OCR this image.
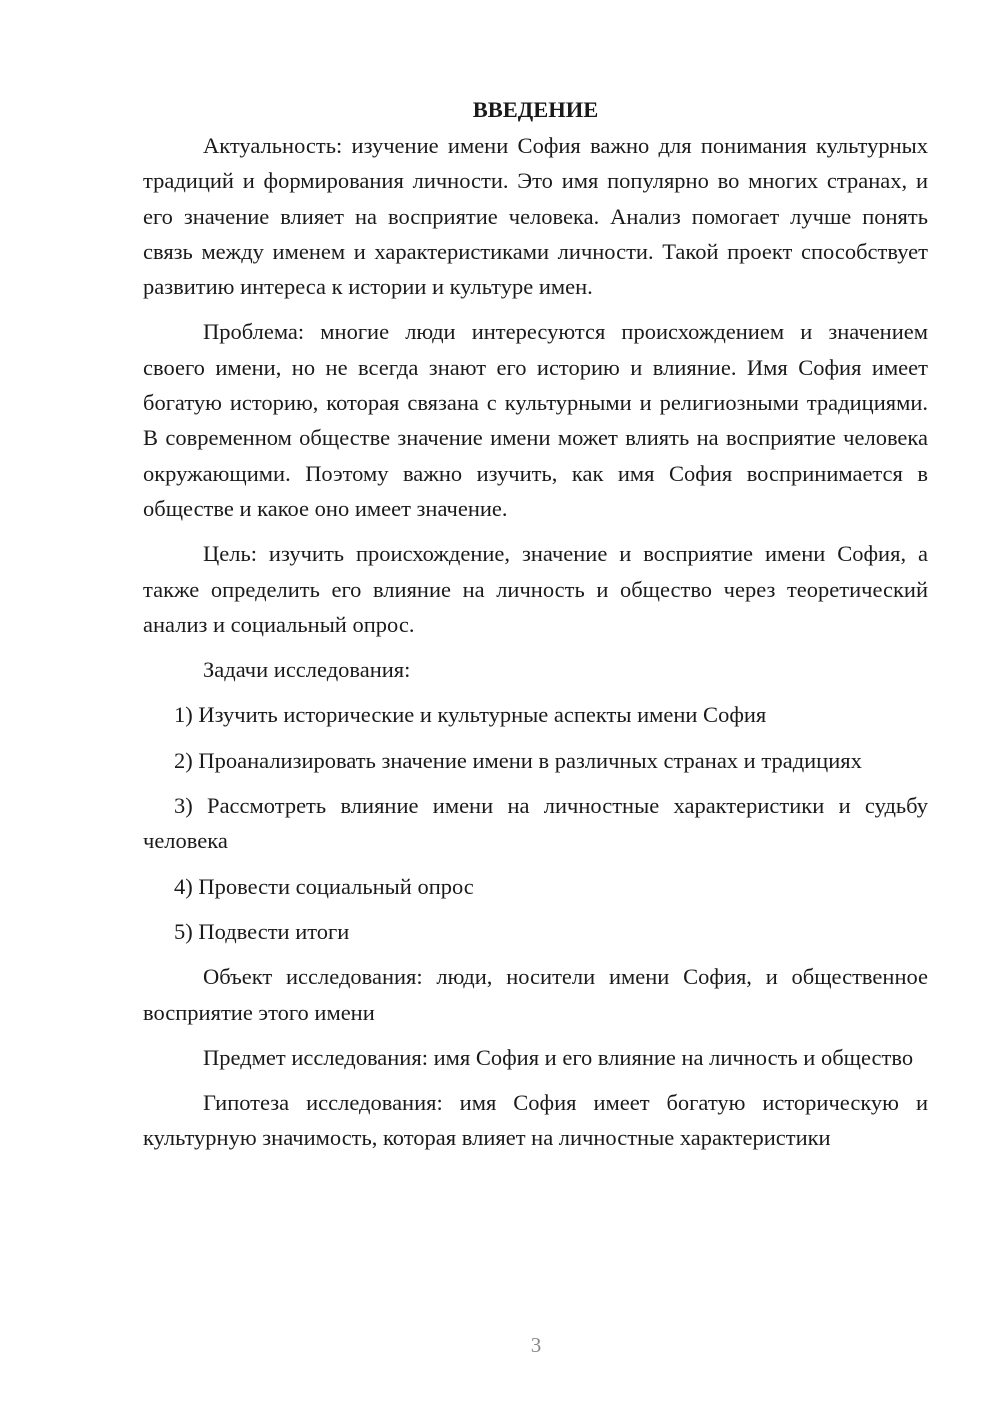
ВВЕДЕНИЕ

Актуальность: изучение имени София важно для понимания культурных традиций и формирования личности. Это имя популярно во многих странах, и его значение влияет на восприятие человека. Анализ помогает лучше понять связь между именем и характеристиками личности. Такой проект способствует развитию интереса к истории и культуре имен.

Проблема: многие люди интересуются происхождением и значением своего имени, но не всегда знают его историю и влияние. Имя София имеет богатую историю, которая связана с культурными и религиозными традициями. В современном обществе значение имени может влиять на восприятие человека окружающими. Поэтому важно изучить, как имя София воспринимается в обществе и какое оно имеет значение.

Цель: изучить происхождение, значение и восприятие имени София, а также определить его влияние на личность и общество через теоретический анализ и социальный опрос.

Задачи исследования:

1) Изучить исторические и культурные аспекты имени София

2) Проанализировать значение имени в различных странах и традициях

3) Рассмотреть влияние имени на личностные характеристики и судьбу человека

4) Провести социальный опрос

5) Подвести итоги

Объект исследования: люди, носители имени София, и общественное восприятие этого имени

Предмет исследования: имя София и его влияние на личность и общество

Гипотеза исследования: имя София имеет богатую историческую и культурную значимость, которая влияет на личностные характеристики

3
